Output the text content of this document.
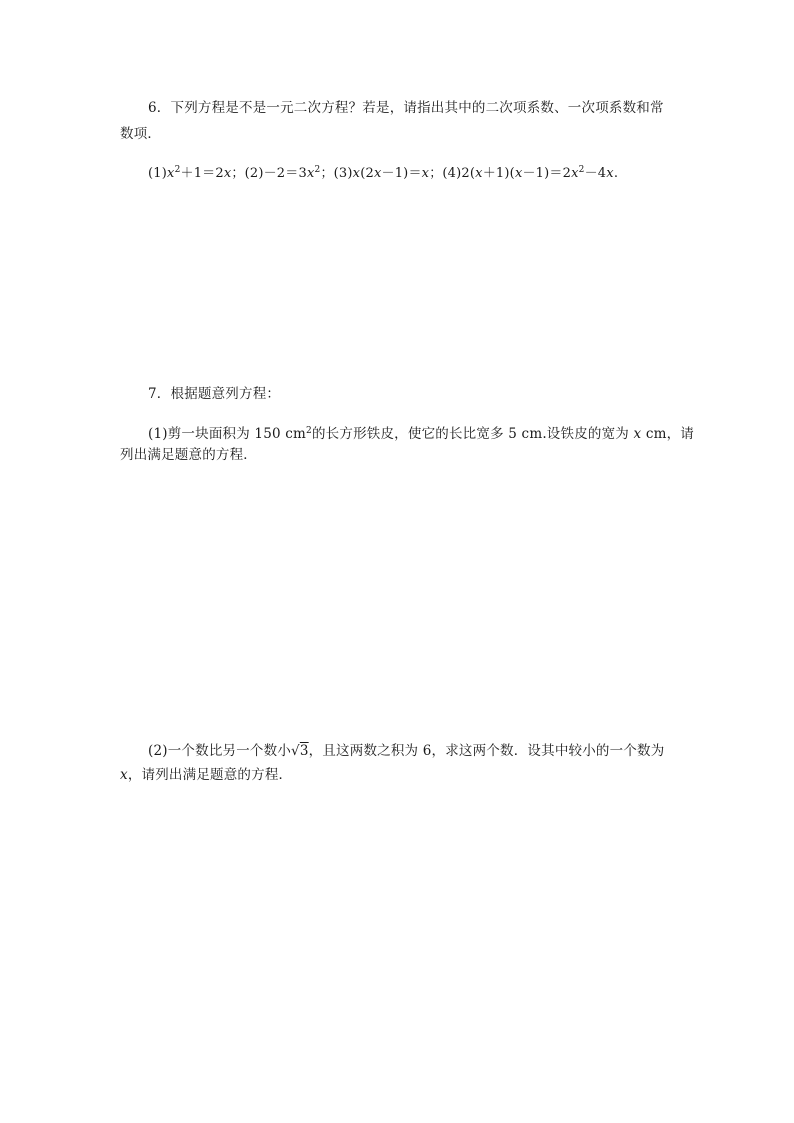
6．下列方程是不是一元二次方程？若是，请指出其中的二次项系数、一次项系数和常
数项．
$(1)x^2+1=2x$；$(2)-2=3x^2$；(3)x(2x－1)＝x；$(4)2(x+1)(x-1)=2x^2-4x$.
7．根据题意列方程：
(1)剪一块面积为 150 $cm^2$的长方形铁皮，使它的长比宽多 5 cm.设铁皮的宽为 x cm，请
列出满足题意的方程．
(2)一个数比另一个数小√3，且这两数之积为 6，求这两个数．设其中较小的一个数为
x，请列出满足题意的方程．
